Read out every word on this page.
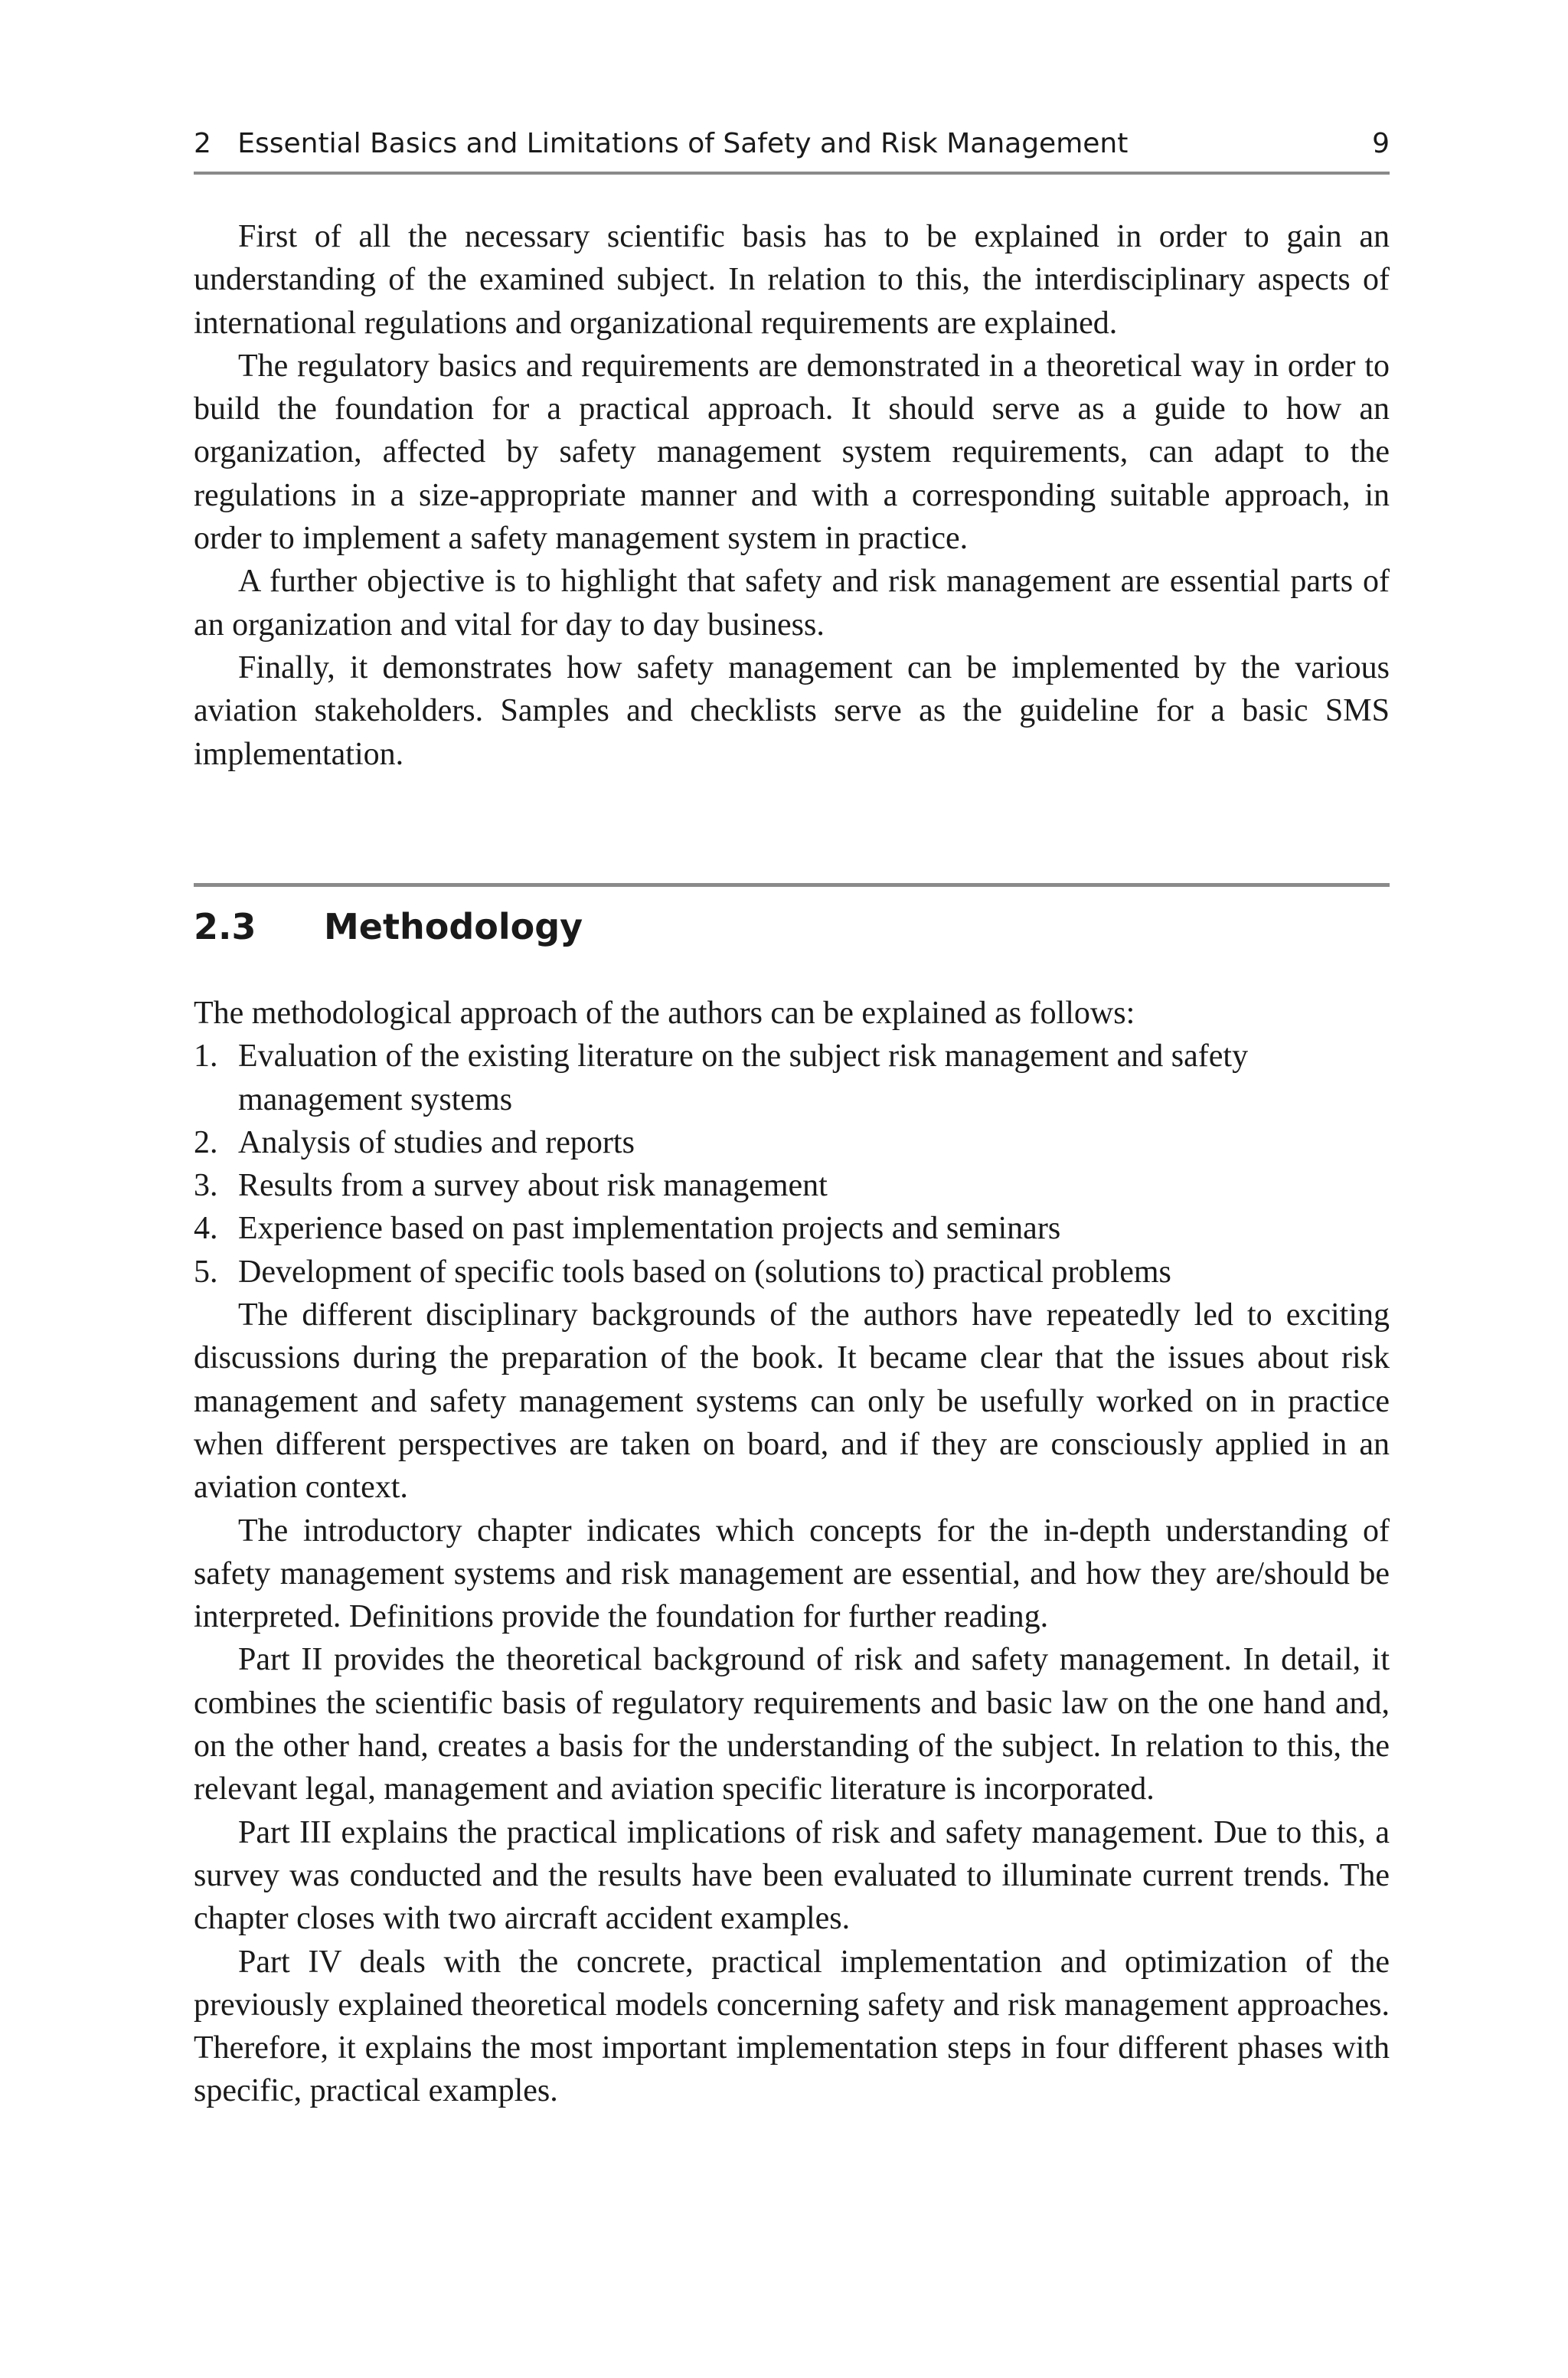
2   Essential Basics and Limitations of Safety and Risk Management	9

First of all the necessary scientific basis has to be explained in order to gain an understanding of the examined subject. In relation to this, the interdisciplinary aspects of international regulations and organizational requirements are explained.

The regulatory basics and requirements are demonstrated in a theoretical way in order to build the foundation for a practical approach. It should serve as a guide to how an organization, affected by safety management system requirements, can adapt to the regulations in a size-appropriate manner and with a corresponding suitable approach, in order to implement a safety management system in practice.

A further objective is to highlight that safety and risk management are essential parts of an organization and vital for day to day business.

Finally, it demonstrates how safety management can be implemented by the various aviation stakeholders. Samples and checklists serve as the guideline for a basic SMS implementation.

2.3 Methodology

The methodological approach of the authors can be explained as follows:

1. Evaluation of the existing literature on the subject risk management and safety management systems
2. Analysis of studies and reports
3. Results from a survey about risk management
4. Experience based on past implementation projects and seminars
5. Development of specific tools based on (solutions to) practical problems

The different disciplinary backgrounds of the authors have repeatedly led to exciting discussions during the preparation of the book. It became clear that the issues about risk management and safety management systems can only be usefully worked on in practice when different perspectives are taken on board, and if they are consciously applied in an aviation context.

The introductory chapter indicates which concepts for the in-depth understanding of safety management systems and risk management are essential, and how they are/should be interpreted. Definitions provide the foundation for further reading.

Part II provides the theoretical background of risk and safety management. In detail, it combines the scientific basis of regulatory requirements and basic law on the one hand and, on the other hand, creates a basis for the understanding of the subject. In relation to this, the relevant legal, management and aviation specific literature is incorporated.

Part III explains the practical implications of risk and safety management. Due to this, a survey was conducted and the results have been evaluated to illuminate current trends. The chapter closes with two aircraft accident examples.

Part IV deals with the concrete, practical implementation and optimization of the previously explained theoretical models concerning safety and risk management approaches. Therefore, it explains the most important implementation steps in four different phases with specific, practical examples.
